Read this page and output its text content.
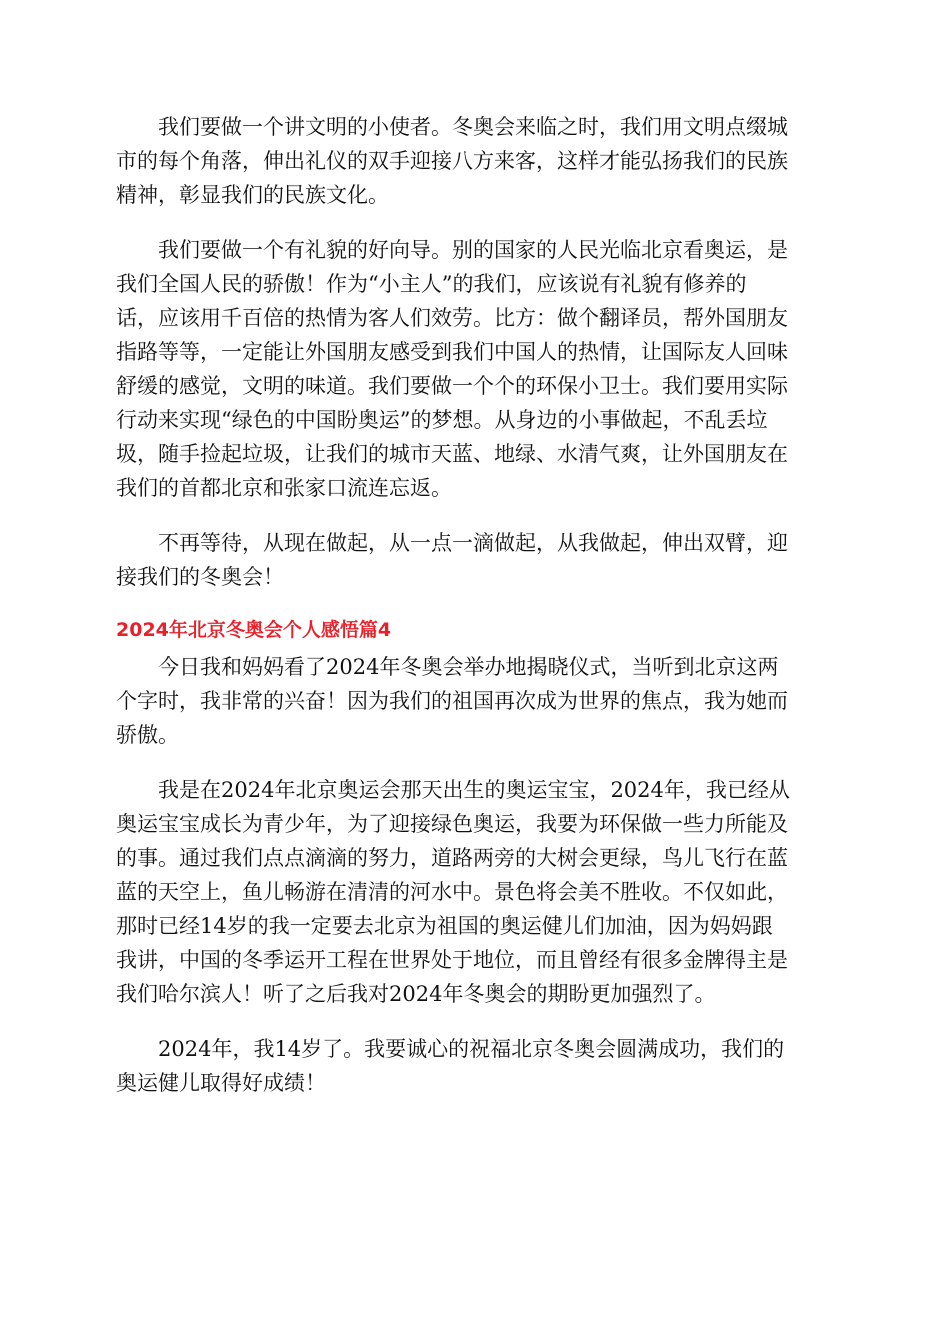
我们要做一个讲文明的小使者。冬奥会来临之时，我们用文明点缀城
市的每个角落，伸出礼仪的双手迎接八方来客，这样才能弘扬我们的民族
精神，彰显我们的民族文化。
我们要做一个有礼貌的好向导。别的国家的人民光临北京看奥运，是
我们全国人民的骄傲！作为“小主人”的我们，应该说有礼貌有修养的
话，应该用千百倍的热情为客人们效劳。比方：做个翻译员，帮外国朋友
指路等等，一定能让外国朋友感受到我们中国人的热情，让国际友人回味
舒缓的感觉，文明的味道。我们要做一个个的环保小卫士。我们要用实际
行动来实现“绿色的中国盼奥运”的梦想。从身边的小事做起，不乱丢垃
圾，随手捡起垃圾，让我们的城市天蓝、地绿、水清气爽，让外国朋友在
我们的首都北京和张家口流连忘返。
不再等待，从现在做起，从一点一滴做起，从我做起，伸出双臂，迎
接我们的冬奥会！
2024年北京冬奥会个人感悟篇4
今日我和妈妈看了2024年冬奥会举办地揭晓仪式，当听到北京这两
个字时，我非常的兴奋！因为我们的祖国再次成为世界的焦点，我为她而
骄傲。
我是在2024年北京奥运会那天出生的奥运宝宝，2024年，我已经从
奥运宝宝成长为青少年，为了迎接绿色奥运，我要为环保做一些力所能及
的事。通过我们点点滴滴的努力，道路两旁的大树会更绿，鸟儿飞行在蓝
蓝的天空上，鱼儿畅游在清清的河水中。景色将会美不胜收。不仅如此，
那时已经14岁的我一定要去北京为祖国的奥运健儿们加油，因为妈妈跟
我讲，中国的冬季运开工程在世界处于地位，而且曾经有很多金牌得主是
我们哈尔滨人！听了之后我对2024年冬奥会的期盼更加强烈了。
2024年，我14岁了。我要诚心的祝福北京冬奥会圆满成功，我们的
奥运健儿取得好成绩！
